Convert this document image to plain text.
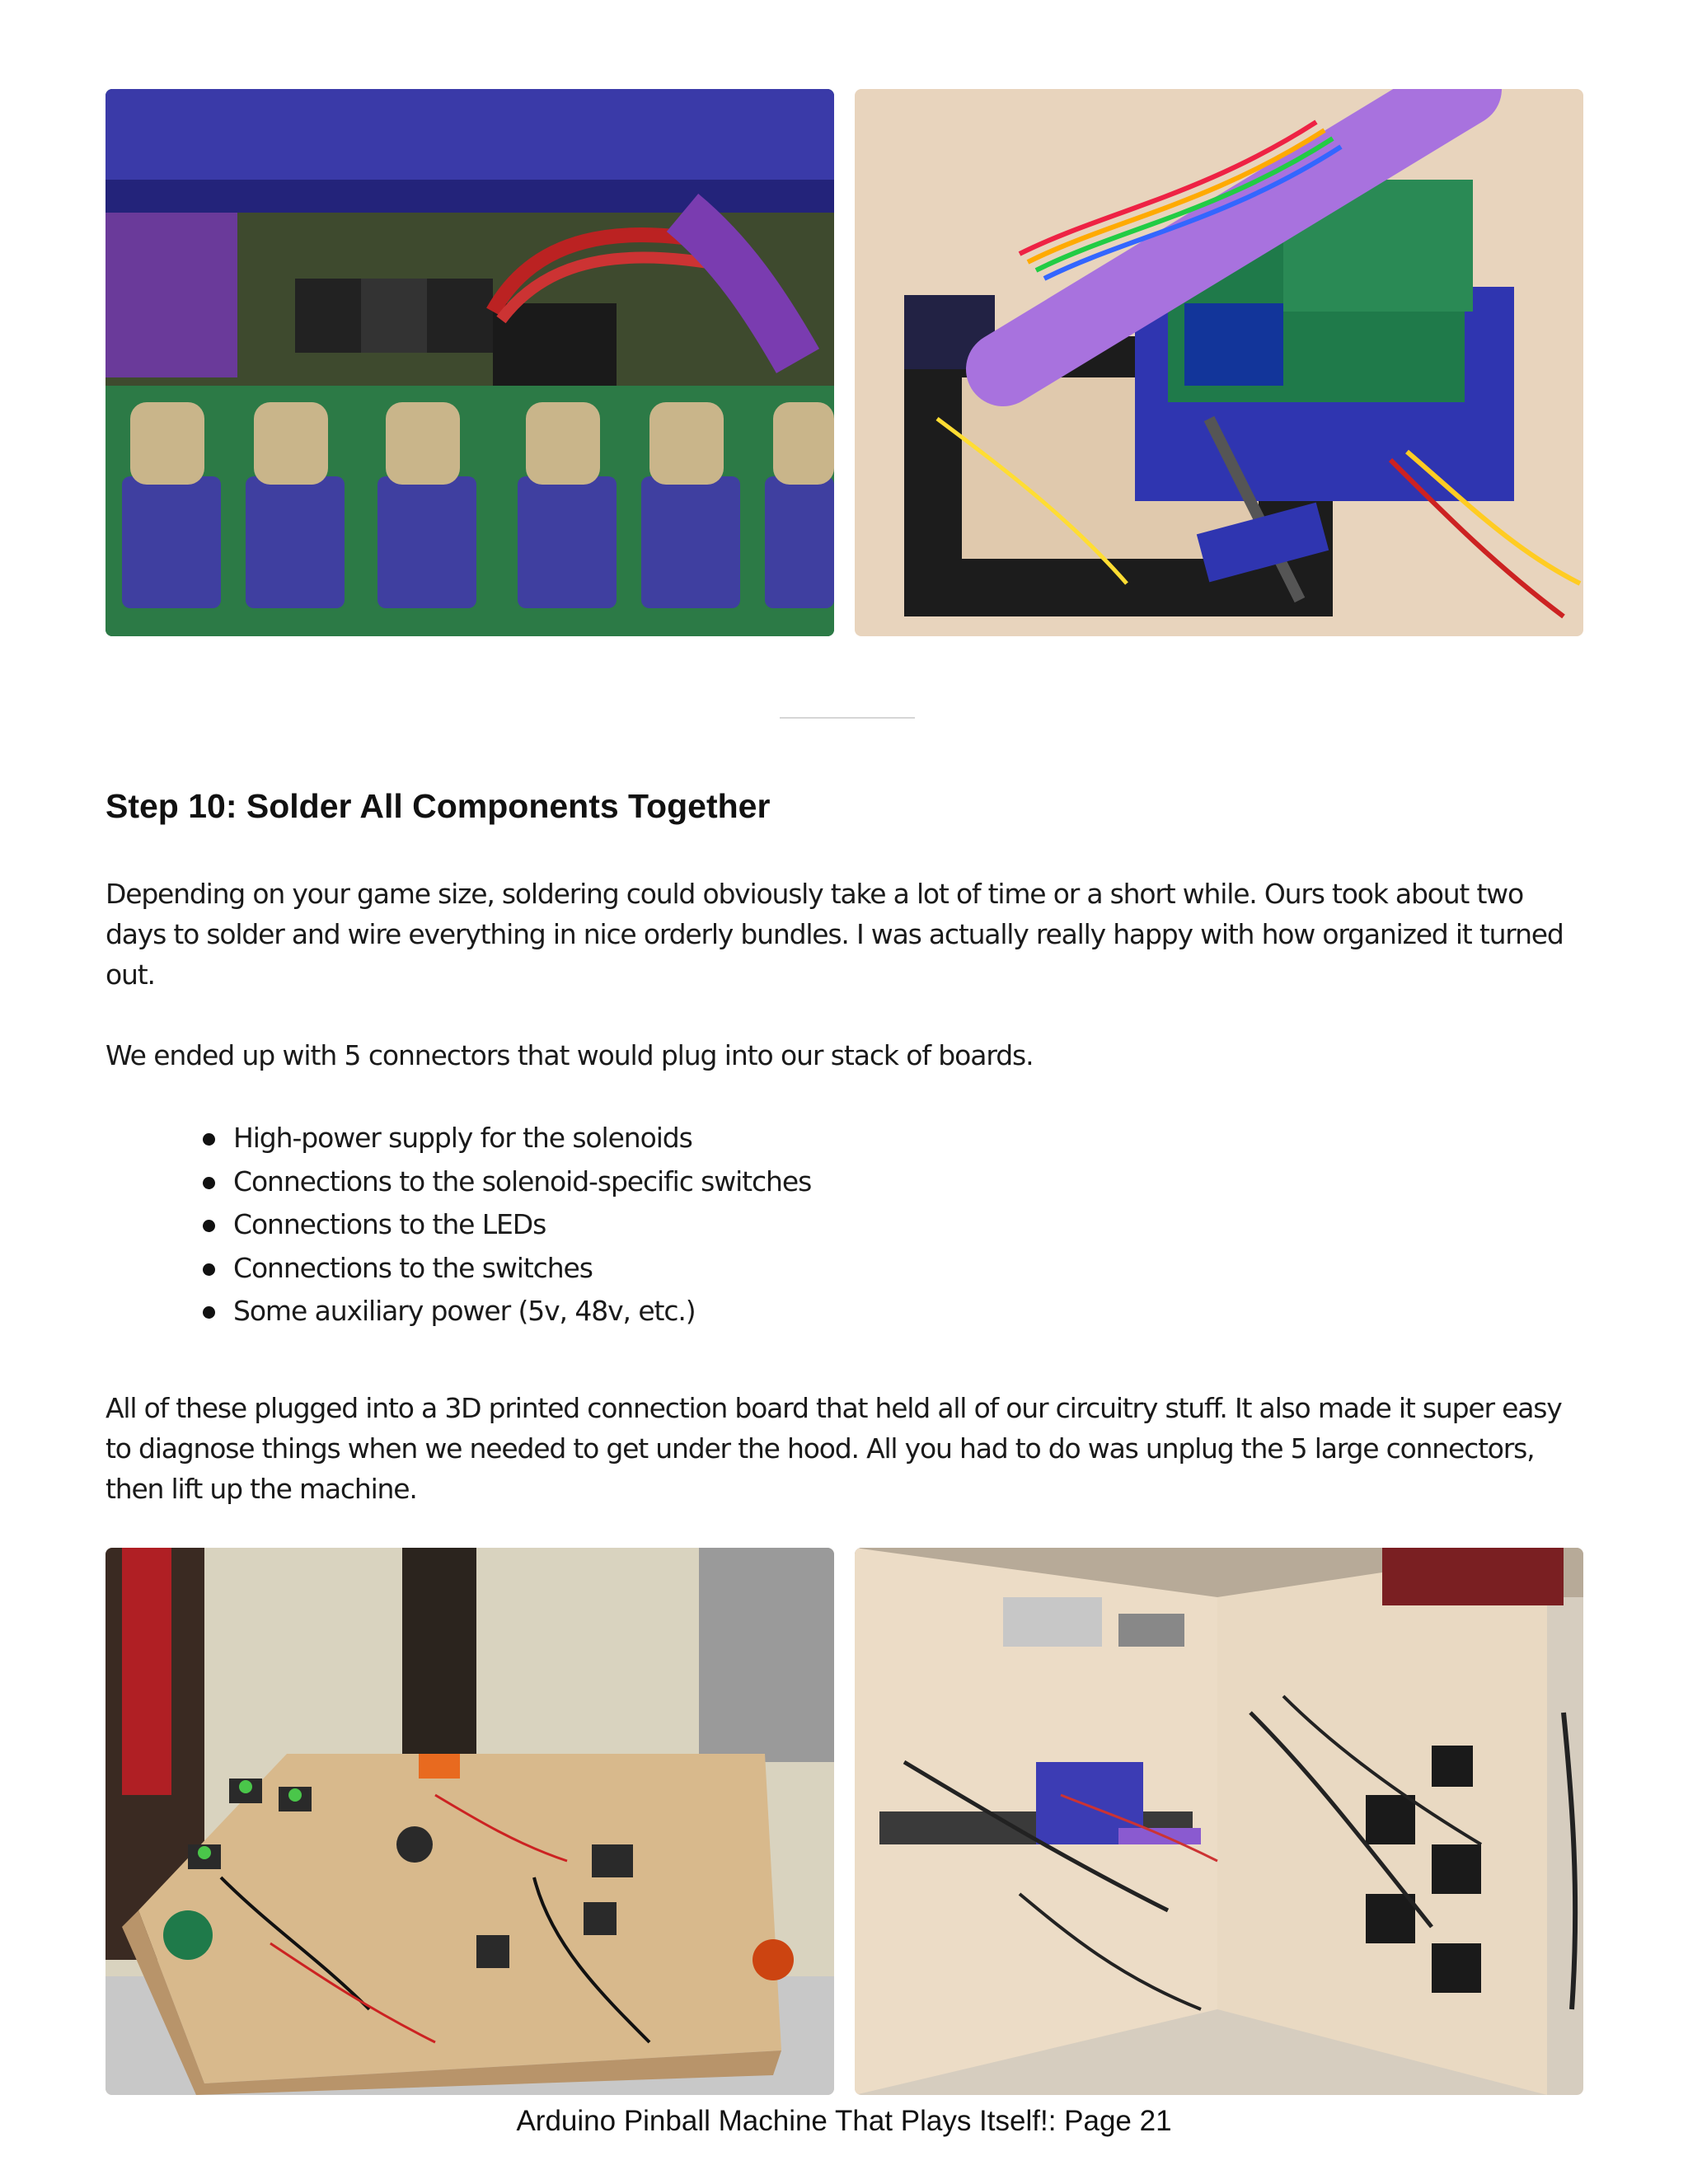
Step 10: Solder All Components Together

Depending on your game size, soldering could obviously take a lot of time or a short while. Ours took about two days to solder and wire everything in nice orderly bundles. I was actually really happy with how organized it turned out.

We ended up with 5 connectors that would plug into our stack of boards.

High-power supply for the solenoids
Connections to the solenoid-specific switches
Connections to the LEDs
Connections to the switches
Some auxiliary power (5v, 48v, etc.)

All of these plugged into a 3D printed connection board that held all of our circuitry stuff. It also made it super easy to diagnose things when we needed to get under the hood. All you had to do was unplug the 5 large connectors, then lift up the machine.

Arduino Pinball Machine That Plays Itself!: Page 21
